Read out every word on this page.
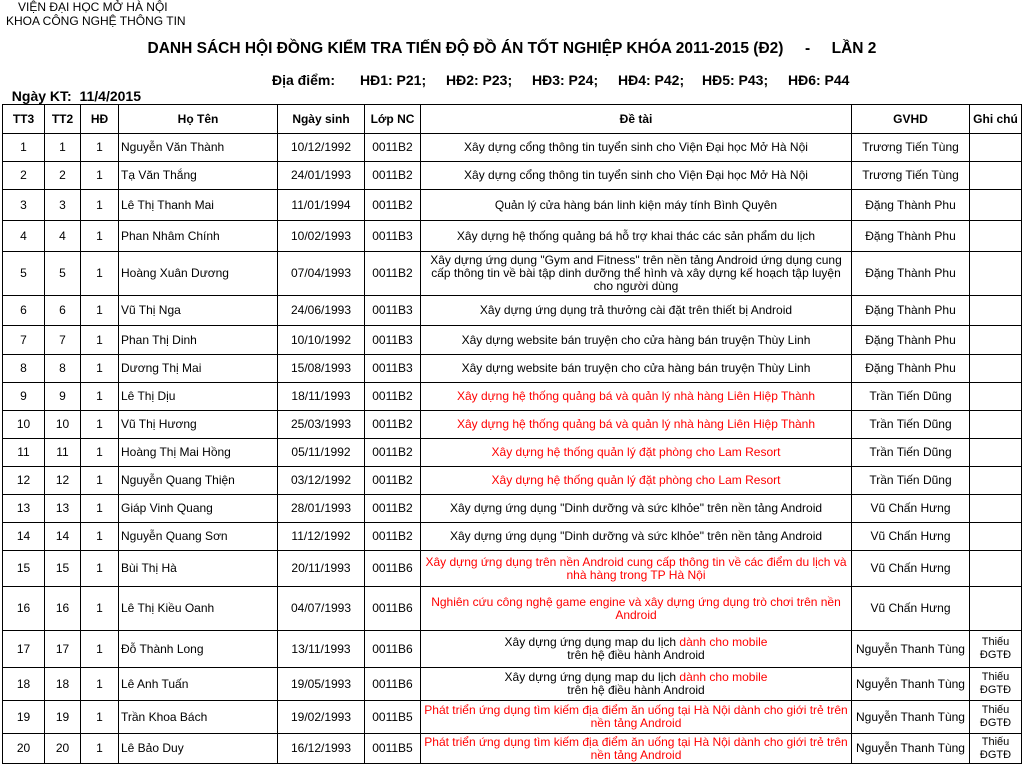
VIỆN ĐẠI HỌC MỞ HÀ NỘI
KHOA CÔNG NGHỆ THÔNG TIN
DANH SÁCH HỘI ĐỒNG KIỂM TRA TIẾN ĐỘ ĐỒ ÁN TỐT NGHIỆP KHÓA 2011-2015 (Đ2)     -     LẦN 2

Ngày KT: 11/4/2015

Địa điểm: HĐ1: P21; HĐ2: P23; HĐ3: P24; HĐ4: P42; HĐ5: P43; HĐ6: P44
TT3	TT2	HĐ	Họ Tên	Ngày sinh	Lớp NC	Đề tài	GVHD	Ghi chú
1	1	1	Nguyễn Văn Thành	10/12/1992	0011B2	Xây dựng cổng thông tin tuyển sinh cho Viện Đại học Mở Hà Nội	Trương Tiến Tùng	
2	2	1	Tạ Văn Thắng	24/01/1993	0011B2	Xây dựng cổng thông tin tuyển sinh cho Viện Đại học Mở Hà Nội	Trương Tiến Tùng	
3	3	1	Lê Thị Thanh Mai	11/01/1994	0011B2	Quản lý cửa hàng bán linh kiện máy tính Bình Quyên	Đặng Thành Phu	
4	4	1	Phan Nhâm Chính	10/02/1993	0011B3	Xây dựng hệ thống quảng bá hỗ trợ khai thác các sản phẩm du lịch	Đặng Thành Phu	
5	5	1	Hoàng Xuân Dương	07/04/1993	0011B2	Xây dựng ứng dụng "Gym and Fitness" trên nền tảng Android ứng dụng cung cấp thông tin về bài tập dinh dưỡng thể hình và xây dựng kế hoạch tập luyện cho người dùng	Đặng Thành Phu	
6	6	1	Vũ Thị Nga	24/06/1993	0011B3	Xây dựng ứng dụng trả thưởng cài đặt trên thiết bị Android	Đặng Thành Phu	
7	7	1	Phan Thị Dinh	10/10/1992	0011B3	Xây dựng website bán truyện cho cửa hàng bán truyện Thùy Linh	Đặng Thành Phu	
8	8	1	Dương Thị Mai	15/08/1993	0011B3	Xây dựng website bán truyện cho cửa hàng bán truyện Thùy Linh	Đặng Thành Phu	
9	9	1	Lê Thị Dịu	18/11/1993	0011B2	Xây dựng hệ thống quảng bá và quản lý nhà hàng Liên Hiệp Thành	Trần Tiến Dũng	
10	10	1	Vũ Thị Hương	25/03/1993	0011B2	Xây dựng hệ thống quảng bá và quản lý nhà hàng Liên Hiệp Thành	Trần Tiến Dũng	
11	11	1	Hoàng Thị Mai Hồng	05/11/1992	0011B2	Xây dựng hệ thống quản lý đặt phòng cho Lam Resort	Trần Tiến Dũng	
12	12	1	Nguyễn Quang Thiện	03/12/1992	0011B2	Xây dựng hệ thống quản lý đặt phòng cho Lam Resort	Trần Tiến Dũng	
13	13	1	Giáp Vinh Quang	28/01/1993	0011B2	Xây dựng ứng dụng "Dinh dưỡng và sức klhỏe" trên nền tảng Android	Vũ Chấn Hưng	
14	14	1	Nguyễn Quang Sơn	11/12/1992	0011B2	Xây dựng ứng dụng "Dinh dưỡng và sức klhỏe" trên nền tảng Android	Vũ Chấn Hưng	
15	15	1	Bùi Thị Hà	20/11/1993	0011B6	Xây dựng ứng dụng trên nền Android cung cấp thông tin về các điểm du lịch và nhà hàng trong TP Hà Nội	Vũ Chấn Hưng	
16	16	1	Lê Thị Kiều Oanh	04/07/1993	0011B6	Nghiên cứu công nghệ game engine và xây dựng ứng dụng trò chơi trên nền Android	Vũ Chấn Hưng	
17	17	1	Đỗ Thành Long	13/11/1993	0011B6	Xây dựng ứng dụng map du lịch dành cho mobile
trên hệ điều hành Android	Nguyễn Thanh Tùng	Thiếu ĐGTĐ
18	18	1	Lê Anh Tuấn	19/05/1993	0011B6	Xây dựng ứng dụng map du lịch dành cho mobile
trên hệ điều hành Android	Nguyễn Thanh Tùng	Thiếu ĐGTĐ
19	19	1	Trần Khoa Bách	19/02/1993	0011B5	Phát triển ứng dụng tìm kiếm địa điểm ăn uống tại Hà Nội dành cho giới trẻ trên nền tảng Android	Nguyễn Thanh Tùng	Thiếu ĐGTĐ
20	20	1	Lê Bảo Duy	16/12/1993	0011B5	Phát triển ứng dụng tìm kiếm địa điểm ăn uống tại Hà Nội dành cho giới trẻ trên nền tảng Android	Nguyễn Thanh Tùng	Thiếu ĐGTĐ
